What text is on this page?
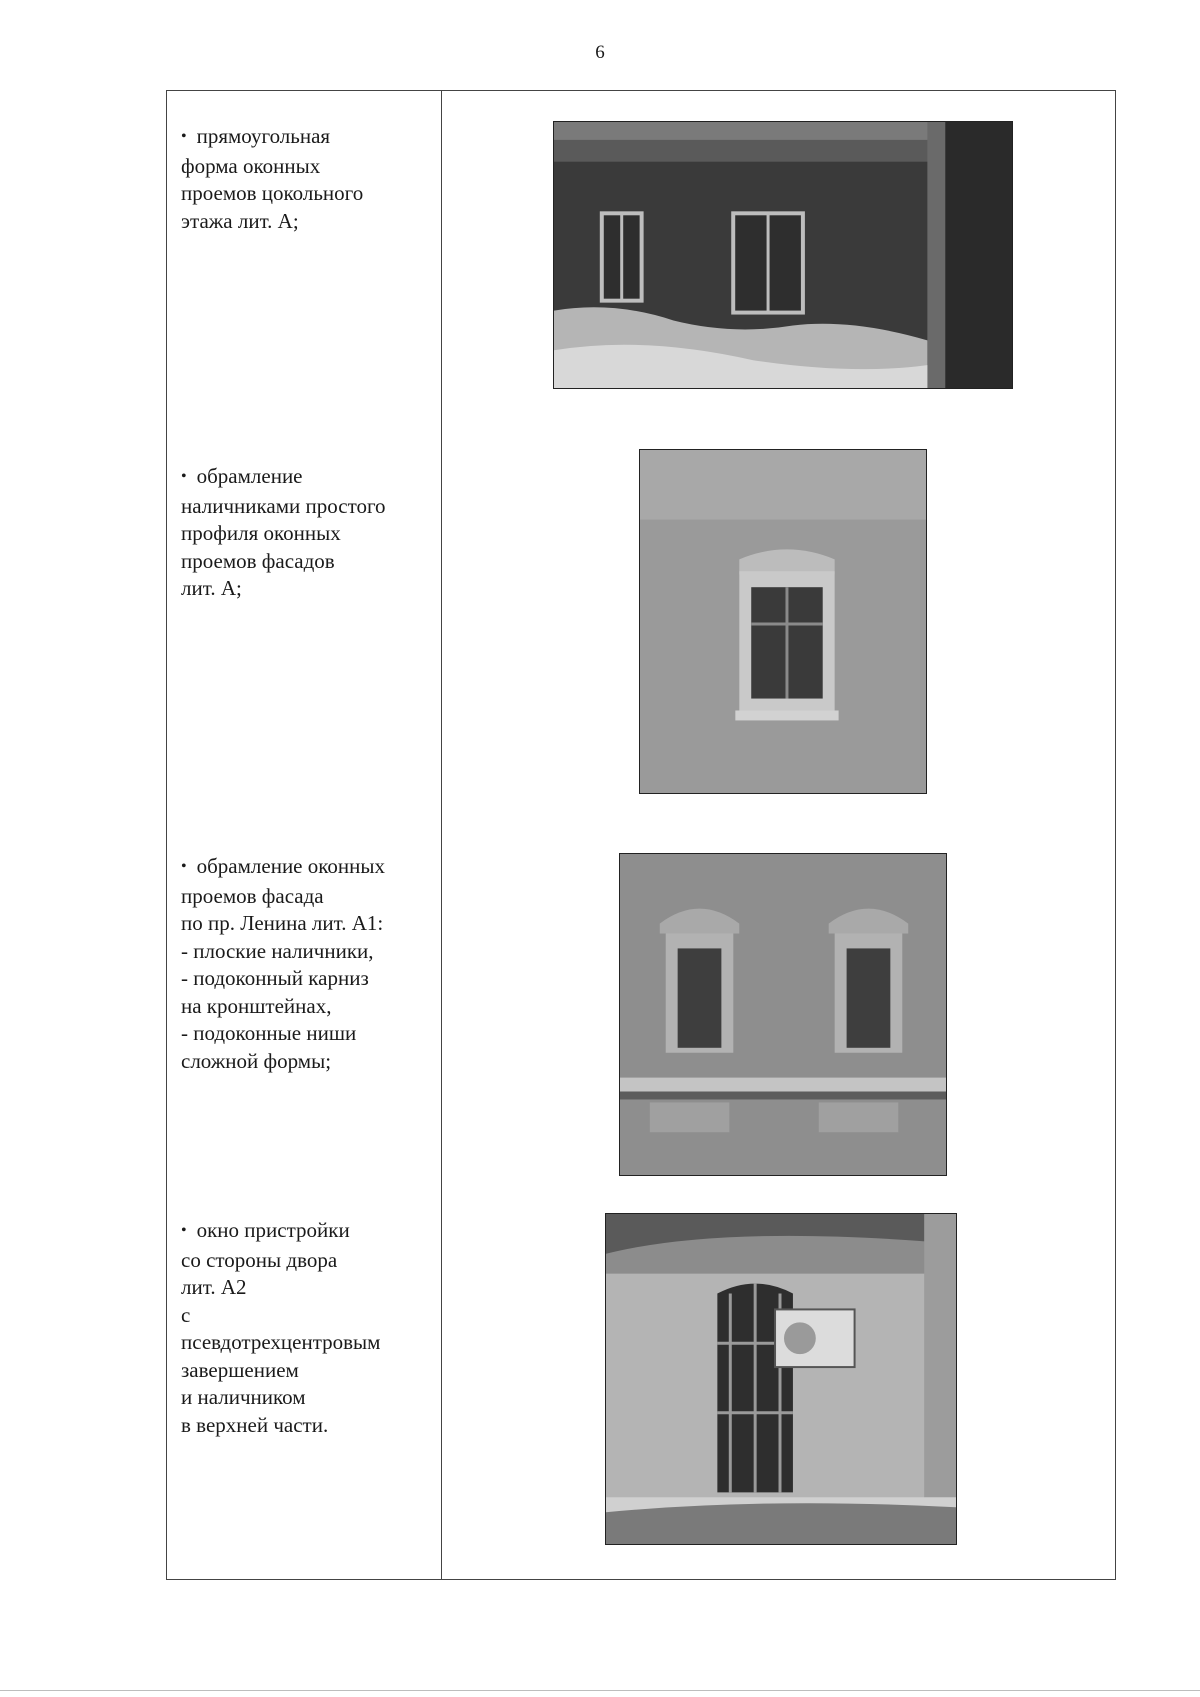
6

• прямоугольная

форма оконных
проемов цокольного
этажа лит. А;

• обрамление

наличниками простого
профиля оконных
проемов фасадов
лит. А;

• обрамление оконных

проемов фасада
по пр. Ленина лит. А1:
- плоские наличники,
- подоконный карниз
на кронштейнах,
- подоконные ниши
сложной формы;

• окно пристройки

со стороны двора
лит. А2
с
псевдотрехцентровым
завершением
и наличником
в верхней части.
